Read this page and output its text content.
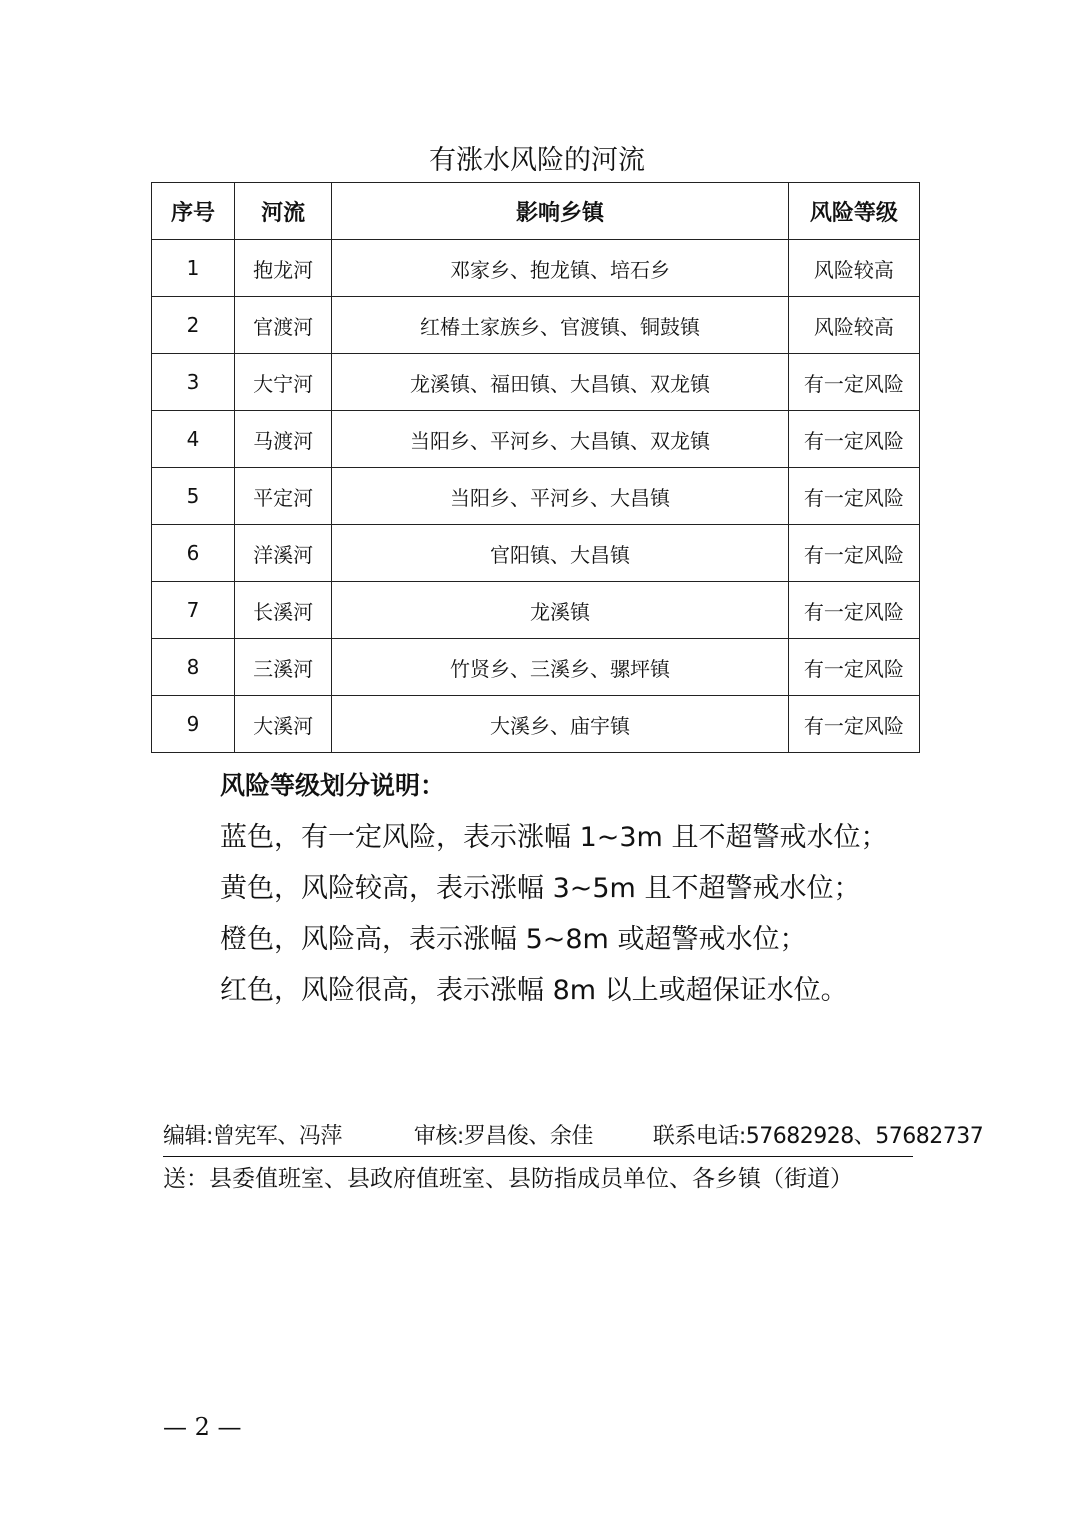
有涨水风险的河流
序号	河流	影响乡镇	风险等级
1	抱龙河	邓家乡、抱龙镇、培石乡	风险较高
2	官渡河	红椿土家族乡、官渡镇、铜鼓镇	风险较高
3	大宁河	龙溪镇、福田镇、大昌镇、双龙镇	有一定风险
4	马渡河	当阳乡、平河乡、大昌镇、双龙镇	有一定风险
5	平定河	当阳乡、平河乡、大昌镇	有一定风险
6	洋溪河	官阳镇、大昌镇	有一定风险
7	长溪河	龙溪镇	有一定风险
8	三溪河	竹贤乡、三溪乡、骡坪镇	有一定风险
9	大溪河	大溪乡、庙宇镇	有一定风险
风险等级划分说明：
蓝色，有一定风险，表示涨幅 1~3m 且不超警戒水位；
黄色，风险较高，表示涨幅 3~5m 且不超警戒水位；
橙色，风险高，表示涨幅 5~8m 或超警戒水位；
红色，风险很高，表示涨幅 8m 以上或超保证水位。
编辑:曾宪军、冯萍	审核:罗昌俊、余佳	联系电话:57682928、57682737
送：县委值班室、县政府值班室、县防指成员单位、各乡镇（街道）
— 2 —
